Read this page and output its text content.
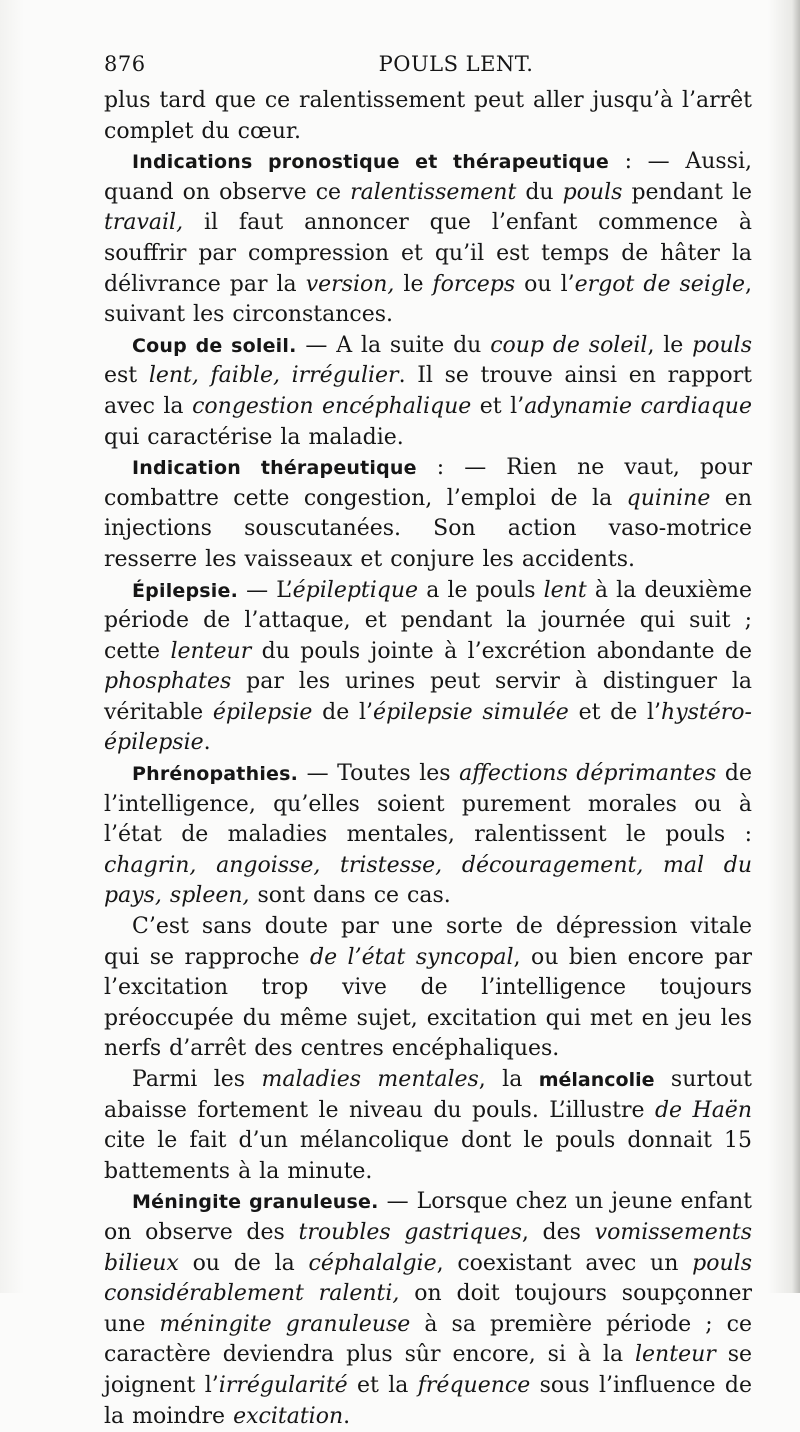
876	POULS LENT.

plus tard que ce ralentissement peut aller jusqu’à l’arrêt complet du cœur.

Indications pronostique et thérapeutique : — Aussi, quand on observe ce ralentissement du pouls pendant le travail, il faut annoncer que l’enfant commence à souffrir par compression et qu’il est temps de hâter la délivrance par la version, le forceps ou l’ergot de seigle, suivant les circonstances.

Coup de soleil. — A la suite du coup de soleil, le pouls est lent, faible, irrégulier. Il se trouve ainsi en rapport avec la congestion encéphalique et l’adynamie cardiaque qui caractérise la maladie.

Indication thérapeutique : — Rien ne vaut, pour combattre cette congestion, l’emploi de la quinine en injections souscutanées. Son action vaso-motrice resserre les vaisseaux et conjure les accidents.

Épilepsie. — L’épileptique a le pouls lent à la deuxième période de l’attaque, et pendant la journée qui suit ; cette lenteur du pouls jointe à l’excrétion abondante de phosphates par les urines peut servir à distinguer la véritable épilepsie de l’épilepsie simulée et de l’hystéro-épilepsie.

Phrénopathies. — Toutes les affections déprimantes de l’intelligence, qu’elles soient purement morales ou à l’état de maladies mentales, ralentissent le pouls : chagrin, angoisse, tristesse, découragement, mal du pays, spleen, sont dans ce cas.

C’est sans doute par une sorte de dépression vitale qui se rapproche de l’état syncopal, ou bien encore par l’excitation trop vive de l’intelligence toujours préoccupée du même sujet, excitation qui met en jeu les nerfs d’arrêt des centres encéphaliques.

Parmi les maladies mentales, la mélancolie surtout abaisse fortement le niveau du pouls. L’illustre de Haën cite le fait d’un mélancolique dont le pouls donnait 15 battements à la minute.

Méningite granuleuse. — Lorsque chez un jeune enfant on observe des troubles gastriques, des vomissements bilieux ou de la céphalalgie, coexistant avec un pouls considérablement ralenti, on doit toujours soupçonner une méningite granuleuse à sa première période ; ce caractère deviendra plus sûr encore, si à la lenteur se joignent l’irrégularité et la fréquence sous l’influence de la moindre excitation.
